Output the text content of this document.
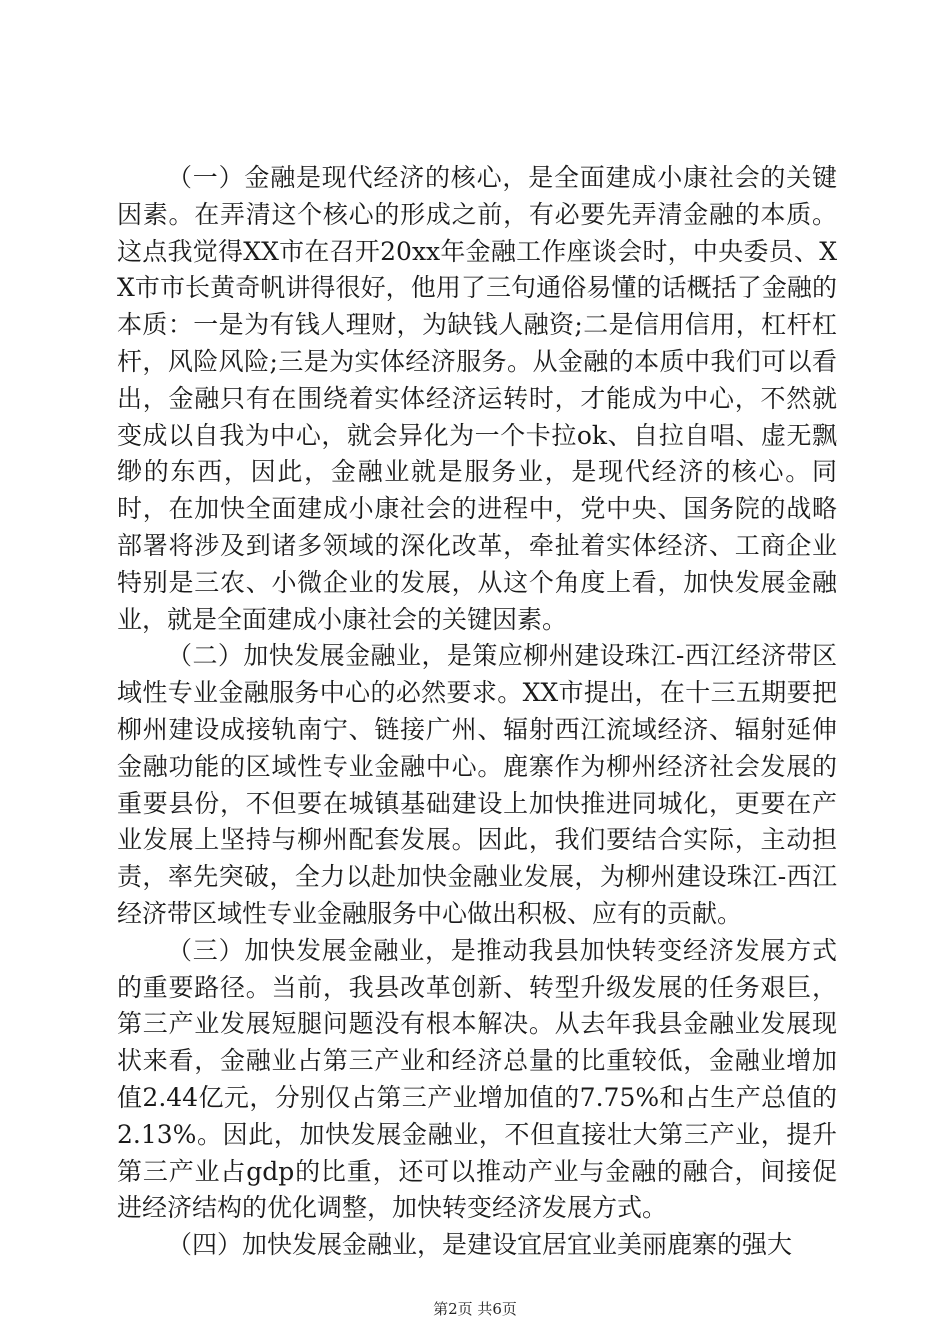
（一）金融是现代经济的核心，是全面建成小康社会的关键因素。在弄清这个核心的形成之前，有必要先弄清金融的本质。这点我觉得XX市在召开20xx年金融工作座谈会时，中央委员、XX市市长黄奇帆讲得很好，他用了三句通俗易懂的话概括了金融的本质：一是为有钱人理财，为缺钱人融资;二是信用信用，杠杆杠杆，风险风险;三是为实体经济服务。从金融的本质中我们可以看出，金融只有在围绕着实体经济运转时，才能成为中心，不然就变成以自我为中心，就会异化为一个卡拉ok、自拉自唱、虚无飘缈的东西，因此，金融业就是服务业，是现代经济的核心。同时，在加快全面建成小康社会的进程中，党中央、国务院的战略部署将涉及到诸多领域的深化改革，牵扯着实体经济、工商企业特别是三农、小微企业的发展，从这个角度上看，加快发展金融业，就是全面建成小康社会的关键因素。

（二）加快发展金融业，是策应柳州建设珠江-西江经济带区域性专业金融服务中心的必然要求。XX市提出，在十三五期要把柳州建设成接轨南宁、链接广州、辐射西江流域经济、辐射延伸金融功能的区域性专业金融中心。鹿寨作为柳州经济社会发展的重要县份，不但要在城镇基础建设上加快推进同城化，更要在产业发展上坚持与柳州配套发展。因此，我们要结合实际，主动担责，率先突破，全力以赴加快金融业发展，为柳州建设珠江-西江经济带区域性专业金融服务中心做出积极、应有的贡献。

（三）加快发展金融业，是推动我县加快转变经济发展方式的重要路径。当前，我县改革创新、转型升级发展的任务艰巨，第三产业发展短腿问题没有根本解决。从去年我县金融业发展现状来看，金融业占第三产业和经济总量的比重较低，金融业增加值2.44亿元，分别仅占第三产业增加值的7.75%和占生产总值的2.13%。因此，加快发展金融业，不但直接壮大第三产业，提升第三产业占gdp的比重，还可以推动产业与金融的融合，间接促进经济结构的优化调整，加快转变经济发展方式。

（四）加快发展金融业，是建设宜居宜业美丽鹿寨的强大

第2页 共6页
